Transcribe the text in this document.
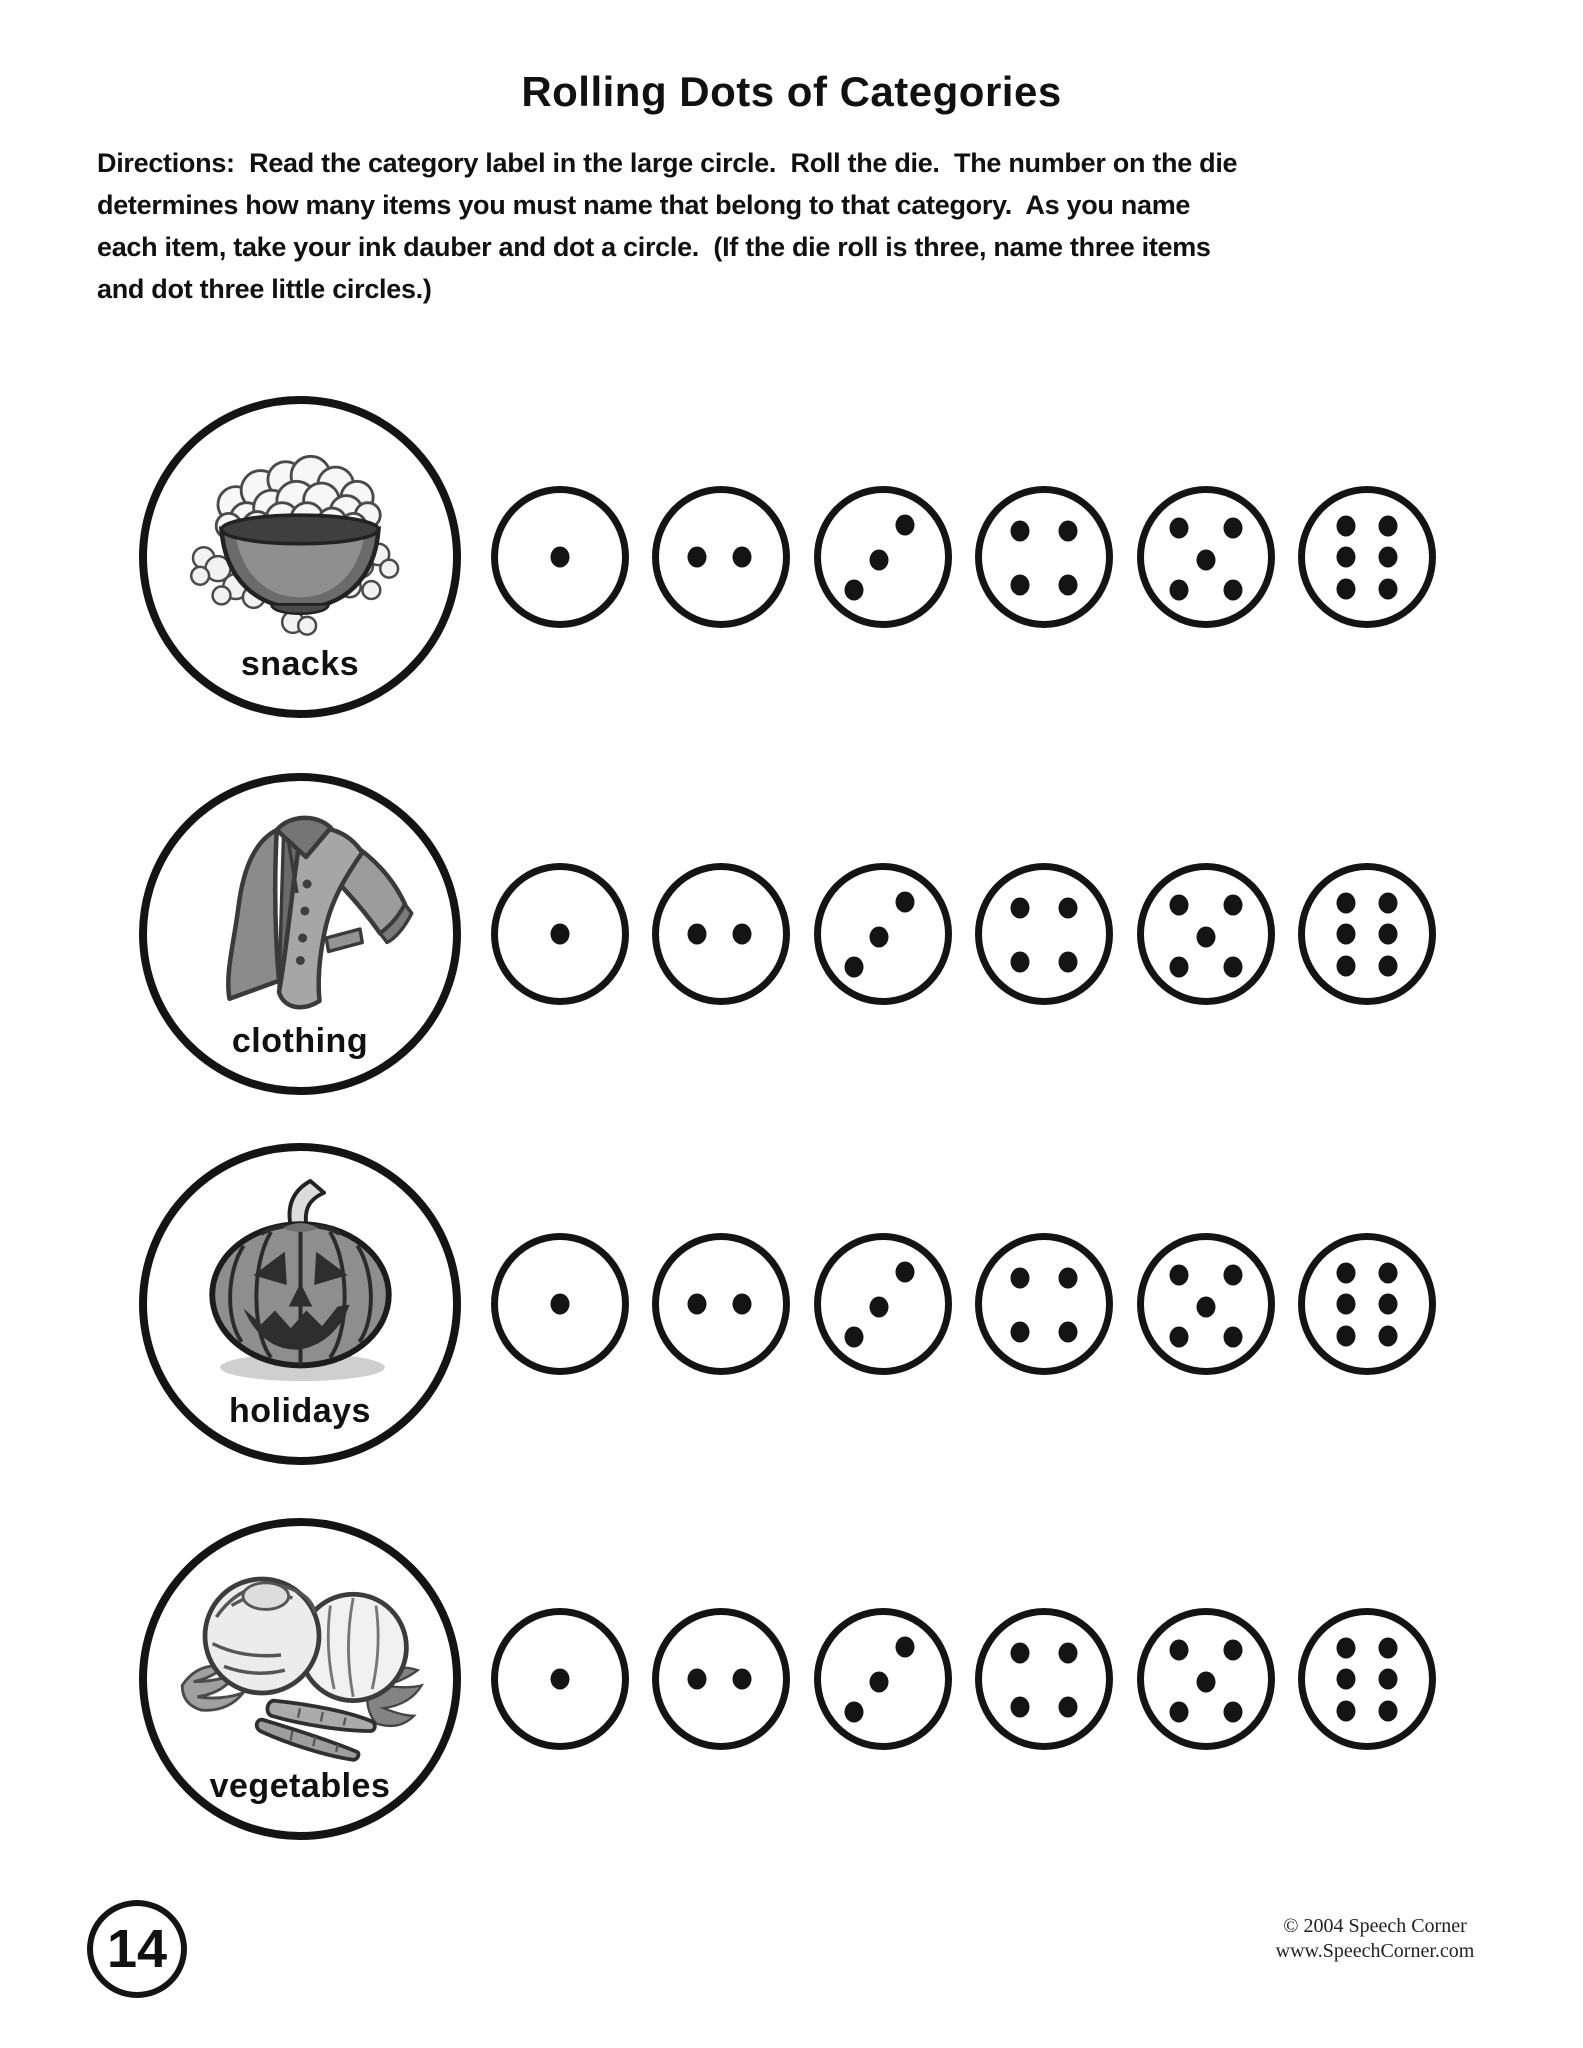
Rolling Dots of Categories
Directions:  Read the category label in the large circle.  Roll the die.  The number on the die
determines how many items you must name that belong to that category.  As you name
each item, take your ink dauber and dot a circle.  (If the die roll is three, name three items
and dot three little circles.)
snacks
clothing
holidays
vegetables
14	© 2004 Speech Corner
www.SpeechCorner.com
